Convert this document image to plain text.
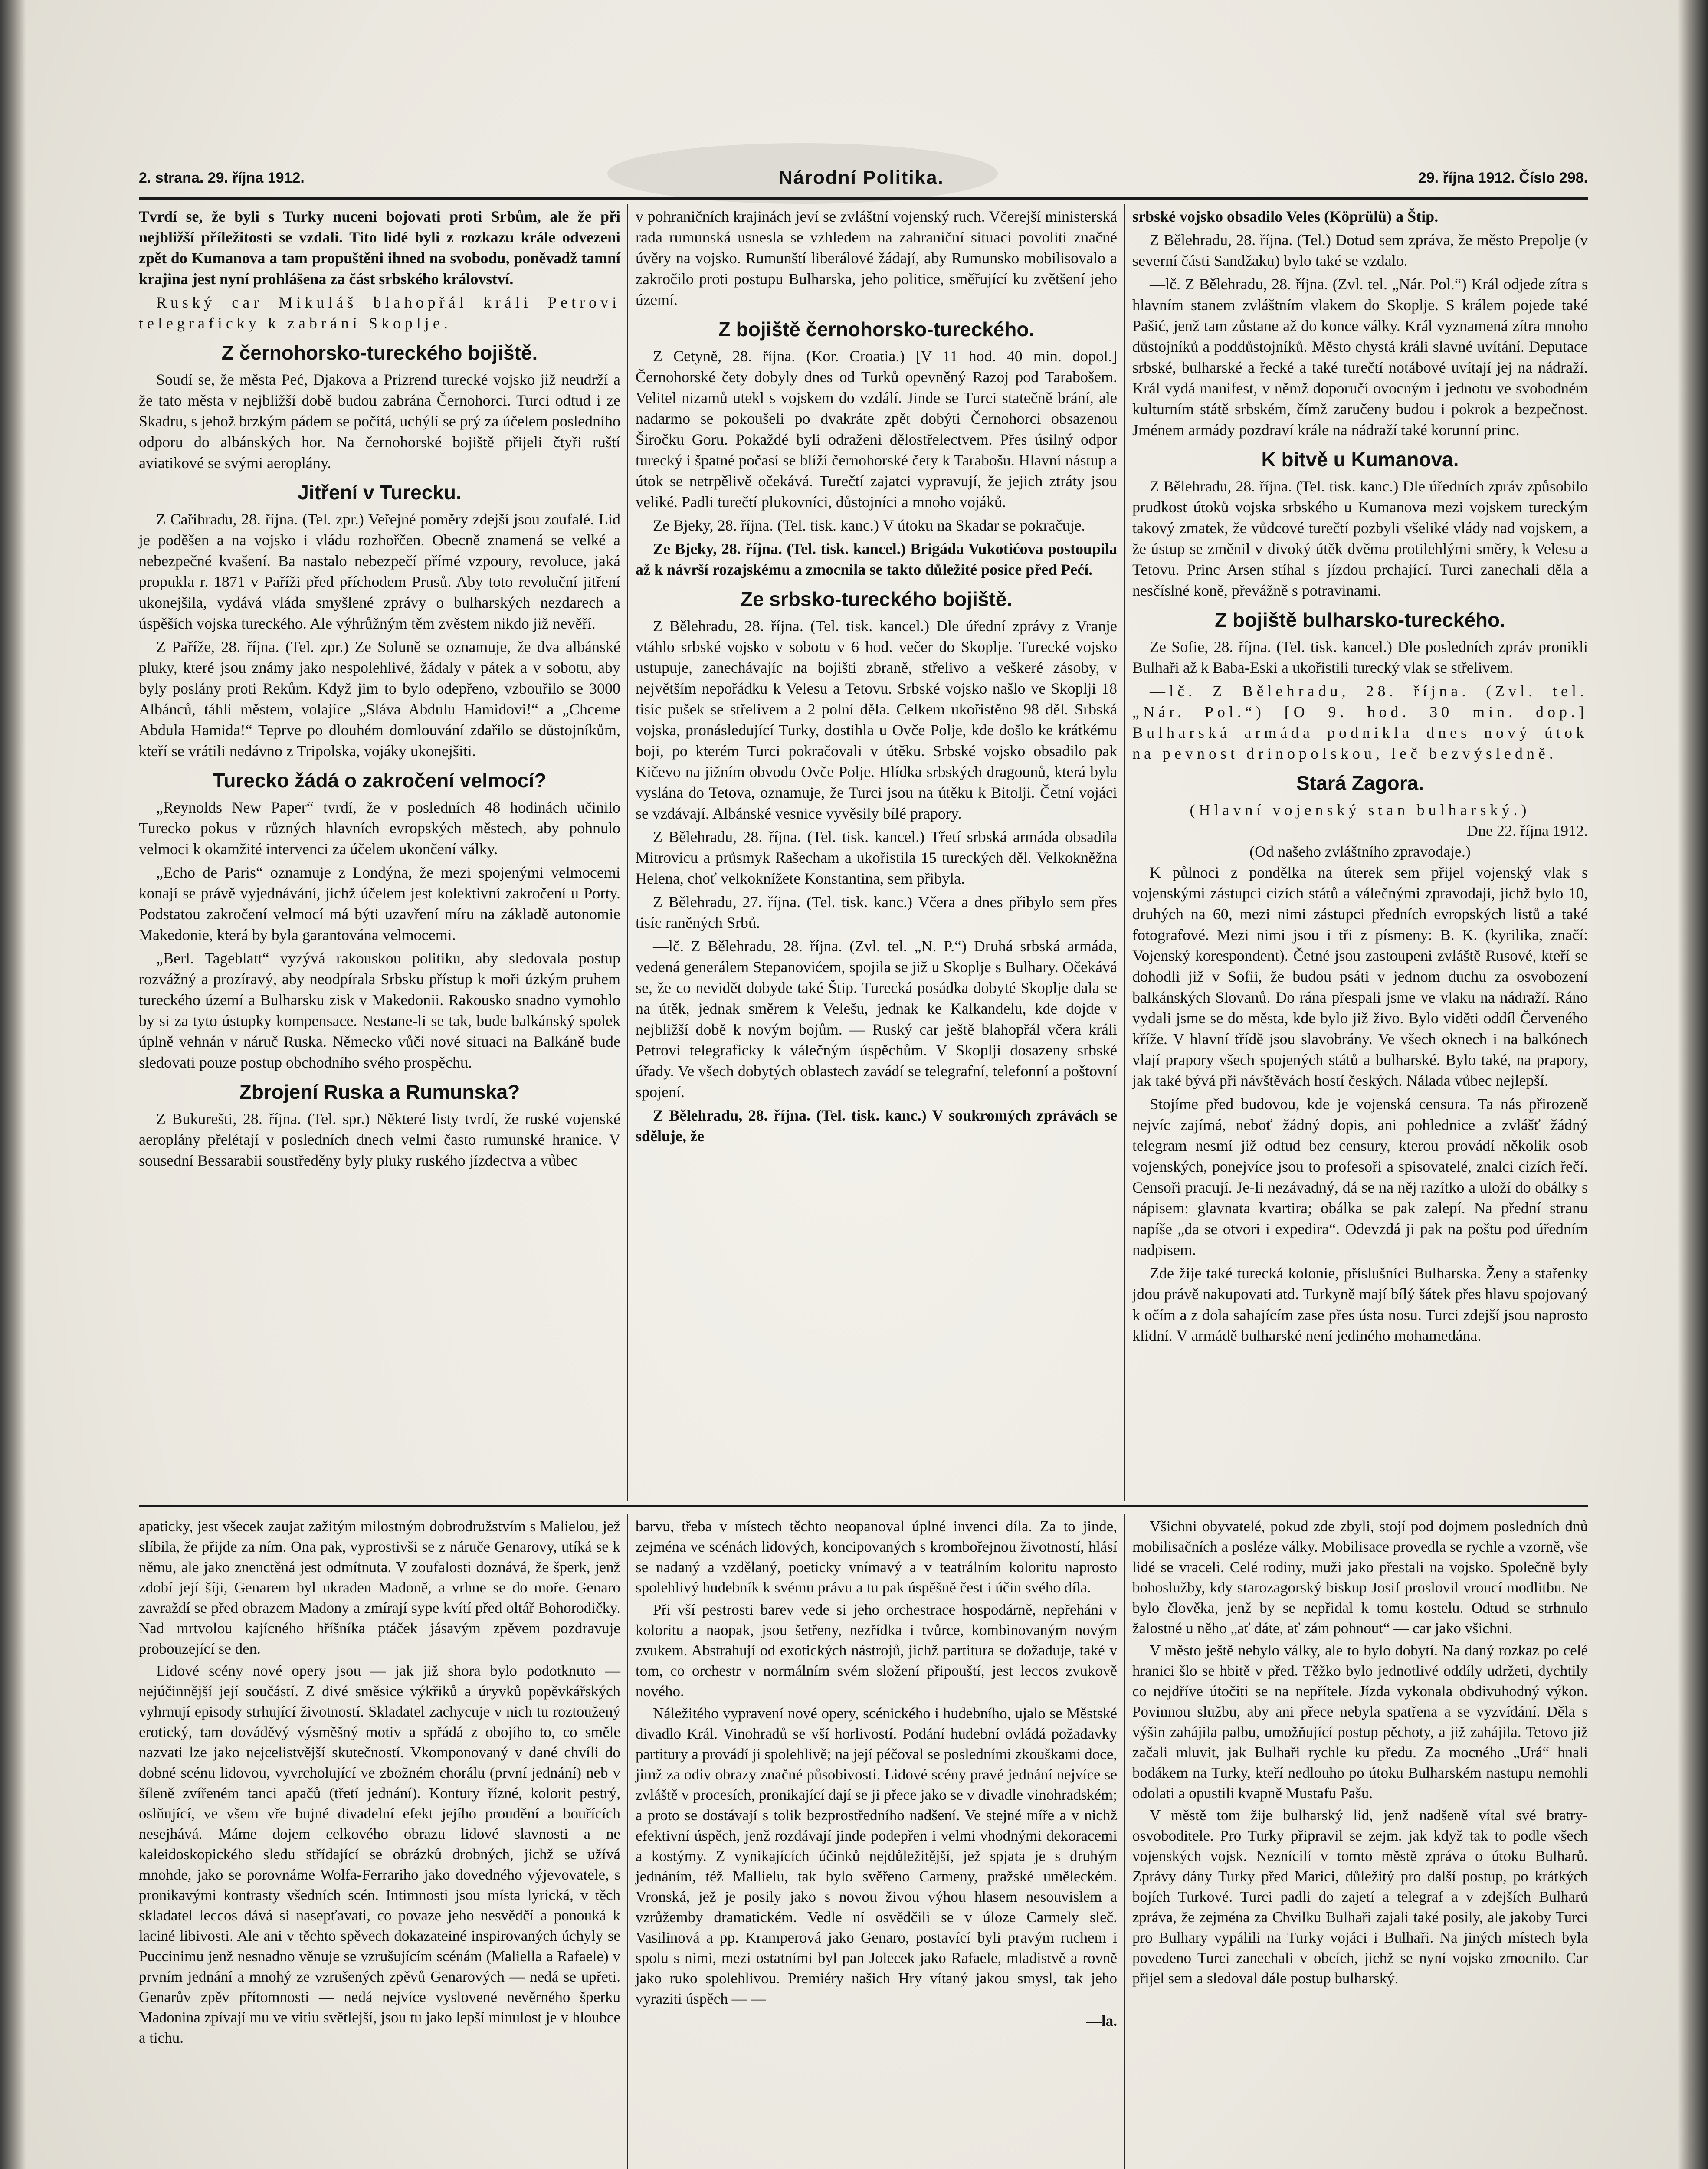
2. strana. 29. října 1912.	Národní Politika.	29. října 1912. Číslo 298.

Tvrdí se, že byli s Turky nuceni bojovati proti Srbům, ale že při nejbližší příležitosti se vzdali. Tito lidé byli z rozkazu krále odvezeni zpět do Kumanova a tam propuštěni ihned na svobodu, poněvadž tamní krajina jest nyní prohlášena za část srbského království.

Ruský car Mikuláš blahopřál králi Petrovi telegraficky k zabrání Skoplje.

Z černohorsko-tureckého bojiště.

Soudí se, že města Peć, Djakova a Prizrend turecké vojsko již neudrží a že tato města v nejbližší době budou zabrána Černohorci. Turci odtud i ze Skadru, s jehož brzkým pádem se počítá, uchýlí se prý za účelem posledního odporu do albánských hor. Na černohorské bojiště přijeli čtyři ruští aviatikové se svými aeroplány.

Jitření v Turecku.

Z Cařihradu, 28. října. (Tel. zpr.) Veřejné poměry zdejší jsou zoufalé. Lid je poděšen a na vojsko i vládu rozhořčen. Obecně znamená se velké a nebezpečné kvašení. Ba nastalo nebezpečí přímé vzpoury, revoluce, jaká propukla r. 1871 v Paříži před příchodem Prusů. Aby toto revoluční jitření ukonejšila, vydává vláda smyšlené zprávy o bulharských nezdarech a úspěších vojska tureckého. Ale výhrůžným těm zvěstem nikdo již nevěří.

Z Paříže, 28. října. (Tel. zpr.) Ze Soluně se oznamuje, že dva albánské pluky, které jsou známy jako nespolehlivé, žádaly v pátek a v sobotu, aby byly poslány proti Rekům. Když jim to bylo odepřeno, vzbouřilo se 3000 Albánců, táhli městem, volajíce „Sláva Abdulu Hamidovi!“ a „Chceme Abdula Hamida!“ Teprve po dlouhém domlouvání zdařilo se důstojníkům, kteří se vrátili nedávno z Tripolska, vojáky ukonejšiti.

Turecko žádá o zakročení velmocí?

„Reynolds New Paper“ tvrdí, že v posledních 48 hodinách učinilo Turecko pokus v různých hlavních evropských městech, aby pohnulo velmoci k okamžité intervenci za účelem ukončení války.

„Echo de Paris“ oznamuje z Londýna, že mezi spojenými velmocemi konají se právě vyjednávání, jichž účelem jest kolektivní zakročení u Porty. Podstatou zakročení velmocí má býti uzavření míru na základě autonomie Makedonie, která by byla garantována velmocemi.

„Berl. Tageblatt“ vyzývá rakouskou politiku, aby sledovala postup rozvážný a prozíravý, aby neodpírala Srbsku přístup k moři úzkým pruhem tureckého území a Bulharsku zisk v Makedonii. Rakousko snadno vymohlo by si za tyto ústupky kompensace. Nestane-li se tak, bude balkánský spolek úplně vehnán v náruč Ruska. Německo vůči nové situaci na Balkáně bude sledovati pouze postup obchodního svého prospěchu.

Zbrojení Ruska a Rumunska?

Z Bukurešti, 28. října. (Tel. spr.) Některé listy tvrdí, že ruské vojenské aeroplány přelétají v posledních dnech velmi často rumunské hranice. V sousední Bessarabii soustředěny byly pluky ruského jízdectva a vůbec

v pohraničních krajinách jeví se zvláštní vojenský ruch. Včerejší ministerská rada rumunská usnesla se vzhledem na zahraniční situaci povoliti značné úvěry na vojsko. Rumunští liberálové žádají, aby Rumunsko mobilisovalo a zakročilo proti postupu Bulharska, jeho politice, směřující ku zvětšení jeho území.

Z bojiště černohorsko-tureckého.

Z Cetyně, 28. října. (Kor. Croatia.) [V 11 hod. 40 min. dopol.] Černohorské čety dobyly dnes od Turků opevněný Razoj pod Tarabošem. Velitel nizamů utekl s vojskem do vzdálí. Jinde se Turci statečně brání, ale nadarmo se pokoušeli po dvakráte zpět dobýti Černohorci obsazenou Širočku Goru. Pokaždé byli odraženi dělostřelectvem. Přes úsilný odpor turecký i špatné počasí se blíží černohorské čety k Tarabošu. Hlavní nástup a útok se netrpělivě očekává. Turečtí zajatci vypravují, že jejich ztráty jsou veliké. Padli turečtí plukovníci, důstojníci a mnoho vojáků.

Ze Bjeky, 28. října. (Tel. tisk. kanc.) V útoku na Skadar se pokračuje.

Ze Bjeky, 28. října. (Tel. tisk. kancel.) Brigáda Vukotićova postoupila až k návrší rozajskému a zmocnila se takto důležité posice před Pećí.

Ze srbsko-tureckého bojiště.

Z Bělehradu, 28. října. (Tel. tisk. kancel.) Dle úřední zprávy z Vranje vtáhlo srbské vojsko v sobotu v 6 hod. večer do Skoplje. Turecké vojsko ustupuje, zanechávajíc na bojišti zbraně, střelivo a veškeré zásoby, v největším nepořádku k Velesu a Tetovu. Srbské vojsko našlo ve Skoplji 18 tisíc pušek se střelivem a 2 polní děla. Celkem ukořistěno 98 děl. Srbská vojska, pronásledující Turky, dostihla u Ovče Polje, kde došlo ke krátkému boji, po kterém Turci pokračovali v útěku. Srbské vojsko obsadilo pak Kičevo na jižním obvodu Ovče Polje. Hlídka srbských dragounů, která byla vyslána do Tetova, oznamuje, že Turci jsou na útěku k Bitolji. Četní vojáci se vzdávají. Albánské vesnice vyvěsily bílé prapory.

Z Bělehradu, 28. října. (Tel. tisk. kancel.) Třetí srbská armáda obsadila Mitrovicu a průsmyk Rašecham a ukořistila 15 tureckých děl. Velkokněžna Helena, choť velkoknížete Konstantina, sem přibyla.

Z Bělehradu, 27. října. (Tel. tisk. kanc.) Včera a dnes přibylo sem přes tisíc raněných Srbů.

—lč. Z Bělehradu, 28. října. (Zvl. tel. „N. P.“) Druhá srbská armáda, vedená generálem Stepanovićem, spojila se již u Skoplje s Bulhary. Očekává se, že co nevidět dobyde také Štip. Turecká posádka dobyté Skoplje dala se na útěk, jednak směrem k Velešu, jednak ke Kalkandelu, kde dojde v nejbližší době k novým bojům. — Ruský car ještě blahopřál včera králi Petrovi telegraficky k válečným úspěchům. V Skoplji dosazeny srbské úřady. Ve všech dobytých oblastech zavádí se telegrafní, telefonní a poštovní spojení.

Z Bělehradu, 28. října. (Tel. tisk. kanc.) V soukromých zprávách se sděluje, že

srbské vojsko obsadilo Veles (Köprülü) a Štip.

Z Bělehradu, 28. října. (Tel.) Dotud sem zpráva, že město Prepolje (v severní části Sandžaku) bylo také se vzdalo.

—lč. Z Bělehradu, 28. října. (Zvl. tel. „Nár. Pol.“) Král odjede zítra s hlavním stanem zvláštním vlakem do Skoplje. S králem pojede také Pašić, jenž tam zůstane až do konce války. Král vyznamená zítra mnoho důstojníků a poddůstojníků. Město chystá králi slavné uvítání. Deputace srbské, bulharské a řecké a také turečtí notábové uvítají jej na nádraží. Král vydá manifest, v němž doporučí ovocným i jednotu ve svobodném kulturním státě srbském, čímž zaručeny budou i pokrok a bezpečnost. Jménem armády pozdraví krále na nádraží také korunní princ.

K bitvě u Kumanova.

Z Bělehradu, 28. října. (Tel. tisk. kanc.) Dle úředních zpráv způsobilo prudkost útoků vojska srbského u Kumanova mezi vojskem tureckým takový zmatek, že vůdcové turečtí pozbyli všeliké vlády nad vojskem, a že ústup se změnil v divoký útěk dvěma protilehlými směry, k Velesu a Tetovu. Princ Arsen stíhal s jízdou prchající. Turci zanechali děla a nesčíslné koně, převážně s potravinami.

Z bojiště bulharsko-tureckého.

Ze Sofie, 28. října. (Tel. tisk. kancel.) Dle posledních zpráv pronikli Bulhaři až k Baba-Eski a ukořistili turecký vlak se střelivem.

—lč. Z Bělehradu, 28. října. (Zvl. tel. „Nár. Pol.“) [O 9. hod. 30 min. dop.] Bulharská armáda podnikla dnes nový útok na pevnost drinopolskou, leč bezvýsledně.

Stará Zagora.
(Hlavní vojenský stan bulharský.)
Dne 22. října 1912.
(Od našeho zvláštního zpravodaje.)

K půlnoci z pondělka na úterek sem přijel vojenský vlak s vojenskými zástupci cizích států a válečnými zpravodaji, jichž bylo 10, druhých na 60, mezi nimi zástupci předních evropských listů a také fotografové. Mezi nimi jsou i tři z písmeny: B. K. (kyrilika, značí: Vojenský korespondent). Četné jsou zastoupeni zvláště Rusové, kteří se dohodli již v Sofii, že budou psáti v jednom duchu za osvobození balkánských Slovanů. Do rána přespali jsme ve vlaku na nádraží. Ráno vydali jsme se do města, kde bylo již živo. Bylo viděti oddíl Červeného kříže. V hlavní třídě jsou slavobrány. Ve všech oknech i na balkónech vlají prapory všech spojených států a bulharské. Bylo také, na prapory, jak také bývá při návštěvách hostí českých. Nálada vůbec nejlepší.

Stojíme před budovou, kde je vojenská censura. Ta nás přirozeně nejvíc zajímá, neboť žádný dopis, ani pohlednice a zvlášť žádný telegram nesmí již odtud bez censury, kterou provádí několik osob vojenských, ponejvíce jsou to profesoři a spisovatelé, znalci cizích řečí. Censoři pracují. Je-li nezávadný, dá se na něj razítko a uloží do obálky s nápisem: glavnata kvartira; obálka se pak zalepí. Na přední stranu napíše „da se otvori i expedira“. Odevzdá ji pak na poštu pod úředním nadpisem.

Zde žije také turecká kolonie, příslušníci Bulharska. Ženy a stařenky jdou právě nakupovati atd. Turkyně mají bílý šátek přes hlavu spojovaný k očím a z dola sahajícím zase přes ústa nosu. Turci zdejší jsou naprosto klidní. V armádě bulharské není jediného mohamedána.

apaticky, jest všecek zaujat zažitým milostným dobrodružstvím s Malielou, jež slíbila, že přijde za ním. Ona pak, vyprostivši se z náruče Genarovy, utíká se k němu, ale jako znenctěná jest odmítnuta. V zoufalosti doznává, že šperk, jenž zdobí její šíji, Genarem byl ukraden Madoně, a vrhne se do moře. Genaro zavraždí se před obrazem Madony a zmírají sype kvítí před oltář Bohorodičky. Nad mrtvolou kajícného hříšníka ptáček jásavým zpěvem pozdravuje probouzející se den.

Lidové scény nové opery jsou — jak již shora bylo podotknuto — nejúčinnější její součástí. Z divé směsice výkřiků a úryvků popěvkářských vyhrnují episody strhující životností. Skladatel zachycuje v nich tu roztoužený erotický, tam dováděvý výsměšný motiv a spřádá z obojího to, co směle nazvati lze jako nejcelistvější skutečností. Vkomponovaný v dané chvíli do dobné scénu lidovou, vyvrcholující ve zbožném chorálu (první jednání) neb v šíleně zvířeném tanci apačů (třetí jednání). Kontury řízné, kolorit pestrý, oslňující, ve všem vře bujné divadelní efekt jejího proudění a bouřících nesejhává. Máme dojem celkového obrazu lidové slavnosti a ne kaleidoskopického sledu střídající se obrázků drobných, jichž se užívá mnohde, jako se porovnáme Wolfa-Ferrariho jako dovedného výjevovatele, s pronikavými kontrasty všedních scén. Intimnosti jsou místa lyrická, v těch skladatel leccos dává si nasepťavati, co povaze jeho nesvědčí a ponouká k laciné libivosti. Ale ani v těchto spěvech dokazateiné inspirovaných úchyly se Puccinimu jenž nesnadno věnuje se vzrušujícím scénám (Maliella a Rafaele) v prvním jednání a mnohý ze vzrušených zpěvů Genarových — nedá se upřeti. Genarův zpěv přítomnosti — nedá nejvíce vyslovené nevěrného šperku Madonina zpívají mu ve vitiu světlejší, jsou tu jako lepší minulost je v hloubce a tichu.

barvu, třeba v místech těchto neopanoval úplné invenci díla. Za to jinde, zejména ve scénách lidových, koncipovaných s krombořejnou životností, hlásí se nadaný a vzdělaný, poeticky vnímavý a v teatrálním koloritu naprosto spolehlivý hudebník k svému právu a tu pak úspěšně čest i účin svého díla.

Při vší pestrosti barev vede si jeho orchestrace hospodárně, nepřeháni v koloritu a naopak, jsou šetřeny, nezřídka i tvůrce, kombinovaným novým zvukem. Abstrahují od exotických nástrojů, jichž partitura se dožaduje, také v tom, co orchestr v normálním svém složení připouští, jest leccos zvukově nového.

Náležitého vypravení nové opery, scénického i hudebního, ujalo se Městské divadlo Král. Vinohradů se vší horlivostí. Podání hudební ovládá požadavky partitury a provádí ji spolehlivě; na její péčoval se posledními zkouškami doce, jimž za odiv obrazy značné působivosti. Lidové scény pravé jednání nejvíce se zvláště v procesích, pronikající dají se ji přece jako se v divadle vinohradském; a proto se dostávají s tolik bezprostředního nadšení. Ve stejné míře a v nichž efektivní úspěch, jenž rozdávají jinde podepřen i velmi vhodnými dekoracemi a kostýmy. Z vynikajících účinků nejdůležitější, jež spjata je s druhým jednáním, též Mallielu, tak bylo svěřeno Carmeny, pražské uměleckém. Vronská, jež je posily jako s novou živou výhou hlasem nesouvislem a vzrůžemby dramatickém. Vedle ní osvědčili se v úloze Carmely sleč. Vasilinová a pp. Kramperová jako Genaro, postavící byli pravým ruchem i spolu s nimi, mezi ostatními byl pan Jolecek jako Rafaele, mladistvě a rovně jako ruko spolehlivou. Premiéry našich Hry vítaný jakou smysl, tak jeho vyraziti úspěch — —

—la.

Všichni obyvatelé, pokud zde zbyli, stojí pod dojmem posledních dnů mobilisačních a posléze války. Mobilisace provedla se rychle a vzorně, vše lidé se vraceli. Celé rodiny, muži jako přestali na vojsko. Společně byly bohoslužby, kdy starozagorský biskup Josif proslovil vroucí modlitbu. Ne bylo člověka, jenž by se nepřidal k tomu kostelu. Odtud se strhnulo žalostné u něho „ať dáte, ať zám pohnout“ — car jako všichni.

V město ještě nebylo války, ale to bylo dobytí. Na daný rozkaz po celé hranici šlo se hbitě v před. Těžko bylo jednotlivé oddíly udržeti, dychtily co nejdříve útočiti se na nepřítele. Jízda vykonala obdivuhodný výkon. Povinnou službu, aby ani přece nebyla spatřena a se vyzvídání. Děla s výšin zahájila palbu, umožňující postup pěchoty, a již zahájila. Tetovo již začali mluvit, jak Bulhaři rychle ku předu. Za mocného „Urá“ hnali bodákem na Turky, kteří nedlouho po útoku Bulharském nastupu nemohli odolati a opustili kvapně Mustafu Pašu.

V městě tom žije bulharský lid, jenž nadšeně vítal své bratry-osvoboditele. Pro Turky připravil se zejm. jak když tak to podle všech vojenských vojsk. Neznícilí v tomto městě zpráva o útoku Bulharů. Zprávy dány Turky před Marici, důležitý pro další postup, po krátkých bojích Turkové. Turci padli do zajetí a telegraf a v zdejších Bulharů zpráva, že zejména za Chvilku Bulhaři zajali také posily, ale jakoby Turci pro Bulhary vypálili na Turky vojáci i Bulhaři. Na jiných místech byla povedeno Turci zanechali v obcích, jichž se nyní vojsko zmocnilo. Car přijel sem a sledoval dále postup bulharský.
